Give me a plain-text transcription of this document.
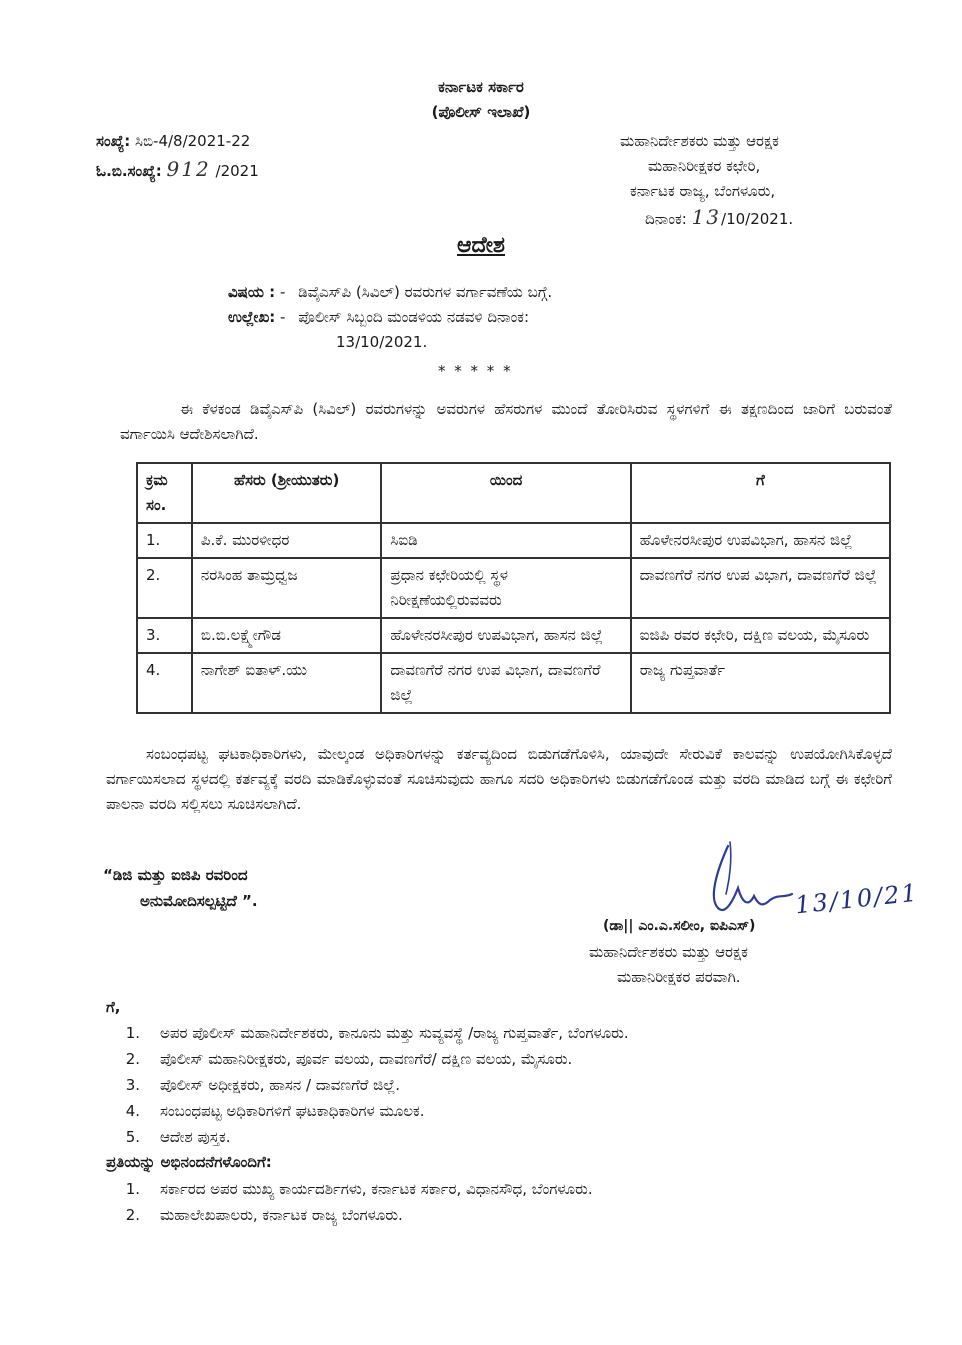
ಕರ್ನಾಟಕ ಸರ್ಕಾರ
(ಪೊಲೀಸ್ ಇಲಾಖೆ)
ಸಂಖ್ಯೆ: ಸಿಬಿ-4/8/2021-22
ಓ.ಬಿ.ಸಂಖ್ಯೆ: 912 /2021
ಮಹಾನಿರ್ದೇಶಕರು ಮತ್ತು ಆರಕ್ಷಕ
ಮಹಾನಿರೀಕ್ಷಕರ ಕಛೇರಿ,
ಕರ್ನಾಟಕ ರಾಜ್ಯ, ಬೆಂಗಳೂರು,
ದಿನಾಂಕ: 13/10/2021.
ಆದೇಶ
ವಿಷಯ : - ಡಿವೈಎಸ್‌ಪಿ (ಸಿವಿಲ್) ರವರುಗಳ ವರ್ಗಾವಣೆಯ ಬಗ್ಗೆ.
ಉಲ್ಲೇಖ: - ಪೊಲೀಸ್ ಸಿಬ್ಬಂದಿ ಮಂಡಳಿಯ ನಡವಳಿ ದಿನಾಂಕ:
13/10/2021.
* * * * *
ಈ ಕೆಳಕಂಡ ಡಿವೈಎಸ್‌ಪಿ (ಸಿವಿಲ್) ರವರುಗಳನ್ನು ಅವರುಗಳ ಹೆಸರುಗಳ ಮುಂದೆ ತೋರಿಸಿರುವ ಸ್ಥಳಗಳಿಗೆ ಈ ತಕ್ಷಣದಿಂದ ಜಾರಿಗೆ ಬರುವಂತೆ ವರ್ಗಾಯಿಸಿ ಆದೇಶಿಸಲಾಗಿದೆ.
ಕ್ರಮ ಸಂ.	ಹೆಸರು (ಶ್ರೀಯುತರು)	ಯಿಂದ	ಗೆ
1.	ಪಿ.ಕೆ. ಮುರಳೀಧರ	ಸಿಐಡಿ	ಹೊಳೇನರಸೀಪುರ ಉಪವಿಭಾಗ, ಹಾಸನ ಜಿಲ್ಲೆ
2.	ನರಸಿಂಹ ತಾಮ್ರಧ್ವಜ	ಪ್ರಧಾನ ಕಛೇರಿಯಲ್ಲಿ ಸ್ಥಳ ನಿರೀಕ್ಷಣೆಯಲ್ಲಿರುವವರು	ದಾವಣಗೆರೆ ನಗರ ಉಪ ವಿಭಾಗ, ದಾವಣಗೆರೆ ಜಿಲ್ಲೆ
3.	ಬಿ.ಬಿ.ಲಕ್ಷ್ಮೇಗೌಡ	ಹೊಳೇನರಸೀಪುರ ಉಪವಿಭಾಗ, ಹಾಸನ ಜಿಲ್ಲೆ	ಐಜಿಪಿ ರವರ ಕಛೇರಿ, ದಕ್ಷಿಣ ವಲಯ, ಮೈಸೂರು
4.	ನಾಗೇಶ್ ಐತಾಳ್.ಯು	ದಾವಣಗೆರೆ ನಗರ ಉಪ ವಿಭಾಗ, ದಾವಣಗೆರೆ ಜಿಲ್ಲೆ	ರಾಜ್ಯ ಗುಪ್ತವಾರ್ತೆ
ಸಂಬಂಧಪಟ್ಟ ಘಟಕಾಧಿಕಾರಿಗಳು, ಮೇಲ್ಕಂಡ ಅಧಿಕಾರಿಗಳನ್ನು ಕರ್ತವ್ಯದಿಂದ ಬಿಡುಗಡೆಗೊಳಿಸಿ, ಯಾವುದೇ ಸೇರುವಿಕೆ ಕಾಲವನ್ನು ಉಪಯೋಗಿಸಿಕೊಳ್ಳದೆ ವರ್ಗಾಯಿಸಲಾದ ಸ್ಥಳದಲ್ಲಿ ಕರ್ತವ್ಯಕ್ಕೆ ವರದಿ ಮಾಡಿಕೊಳ್ಳುವಂತೆ ಸೂಚಿಸುವುದು ಹಾಗೂ ಸದರಿ ಅಧಿಕಾರಿಗಳು ಬಿಡುಗಡೆಗೊಂಡ ಮತ್ತು ವರದಿ ಮಾಡಿದ ಬಗ್ಗೆ ಈ ಕಛೇರಿಗೆ ಪಾಲನಾ ವರದಿ ಸಲ್ಲಿಸಲು ಸೂಚಿಸಲಾಗಿದೆ.
“ಡಿಜಿ ಮತ್ತು ಐಜಿಪಿ ರವರಿಂದ
ಅನುಮೋದಿಸಲ್ಪಟ್ಟಿದೆ ”.	13/10/21
(ಡಾ|| ಎಂ.ಎ.ಸಲೀಂ, ಐಪಿಎಸ್)
ಮಹಾನಿರ್ದೇಶಕರು ಮತ್ತು ಆರಕ್ಷಕ
ಮಹಾನಿರೀಕ್ಷಕರ ಪರವಾಗಿ.
ಗೆ,
1. ಅಪರ ಪೊಲೀಸ್ ಮಹಾನಿರ್ದೇಶಕರು, ಕಾನೂನು ಮತ್ತು ಸುವ್ಯವಸ್ಥೆ /ರಾಜ್ಯ ಗುಪ್ತವಾರ್ತೆ, ಬೆಂಗಳೂರು.
2. ಪೊಲೀಸ್ ಮಹಾನಿರೀಕ್ಷಕರು, ಪೂರ್ವ ವಲಯ, ದಾವಣಗೆರೆ/ ದಕ್ಷಿಣ ವಲಯ, ಮೈಸೂರು.
3. ಪೊಲೀಸ್ ಅಧೀಕ್ಷಕರು, ಹಾಸನ / ದಾವಣಗೆರೆ ಜಿಲ್ಲೆ.
4. ಸಂಬಂಧಪಟ್ಟ ಅಧಿಕಾರಿಗಳಿಗೆ ಘಟಕಾಧಿಕಾರಿಗಳ ಮೂಲಕ.
5. ಆದೇಶ ಪುಸ್ತಕ.
ಪ್ರತಿಯನ್ನು ಅಭಿನಂದನೆಗಳೊಂದಿಗೆ:
1. ಸರ್ಕಾರದ ಅಪರ ಮುಖ್ಯ ಕಾರ್ಯದರ್ಶಿಗಳು, ಕರ್ನಾಟಕ ಸರ್ಕಾರ, ವಿಧಾನಸೌಧ, ಬೆಂಗಳೂರು.
2. ಮಹಾಲೇಖಪಾಲರು, ಕರ್ನಾಟಕ ರಾಜ್ಯ ಬೆಂಗಳೂರು.
